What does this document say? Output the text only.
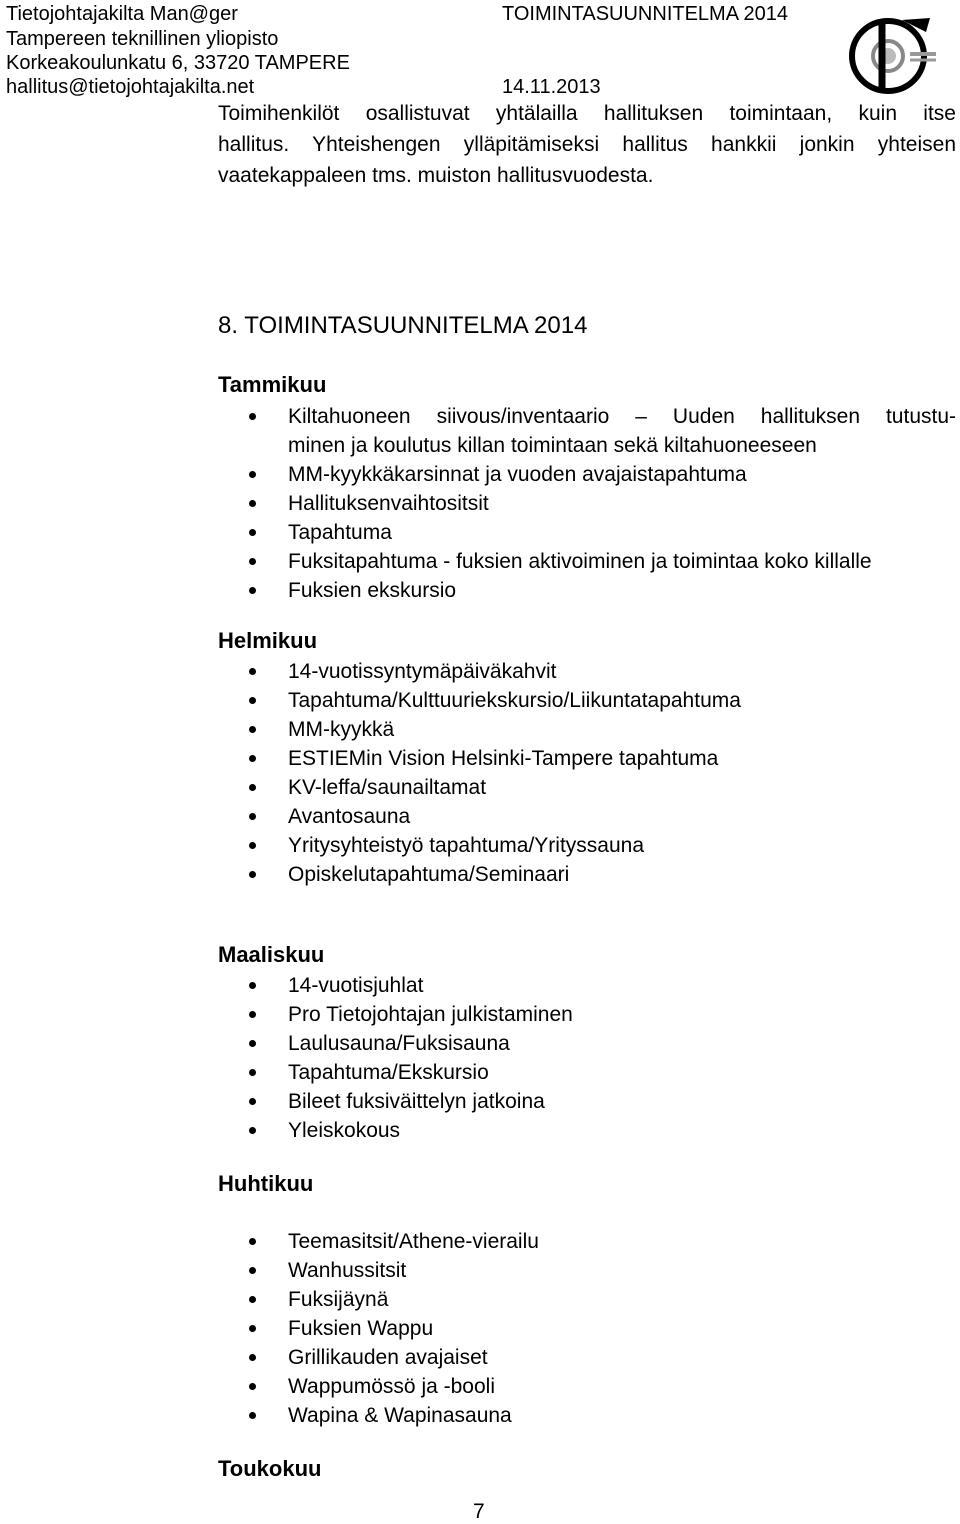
Tietojohtajakilta Man@ger
Tampereen teknillinen yliopisto
Korkeakoulunkatu 6, 33720 TAMPERE
hallitus@tietojohtajakilta.net
TOIMINTASUUNNITELMA 2014
14.11.2013
Toimihenkilöt osallistuvat yhtälailla hallituksen toimintaan, kuin itse
hallitus. Yhteishengen ylläpitämiseksi hallitus hankkii jonkin yhteisen
vaatekappaleen tms. muiston hallitusvuodesta.
8. TOIMINTASUUNNITELMA 2014
Tammikuu
Kiltahuoneen siivous/inventaario – Uuden hallituksen tutustu-
minen ja koulutus killan toimintaan sekä kiltahuoneeseen
MM-kyykkäkarsinnat ja vuoden avajaistapahtuma
Hallituksenvaihtositsit
Tapahtuma
Fuksitapahtuma - fuksien aktivoiminen ja toimintaa koko killalle
Fuksien ekskursio
Helmikuu
14-vuotissyntymäpäiväkahvit
Tapahtuma/Kulttuuriekskursio/Liikuntatapahtuma
MM-kyykkä
ESTIEMin Vision Helsinki-Tampere tapahtuma
KV-leffa/saunailtamat
Avantosauna
Yritysyhteistyö tapahtuma/Yrityssauna
Opiskelutapahtuma/Seminaari
Maaliskuu
14-vuotisjuhlat
Pro Tietojohtajan julkistaminen
Laulusauna/Fuksisauna
Tapahtuma/Ekskursio
Bileet fuksiväittelyn jatkoina
Yleiskokous
Huhtikuu
Teemasitsit/Athene-vierailu
Wanhussitsit
Fuksijäynä
Fuksien Wappu
Grillikauden avajaiset
Wappumössö ja -booli
Wapina & Wapinasauna
Toukokuu
7
